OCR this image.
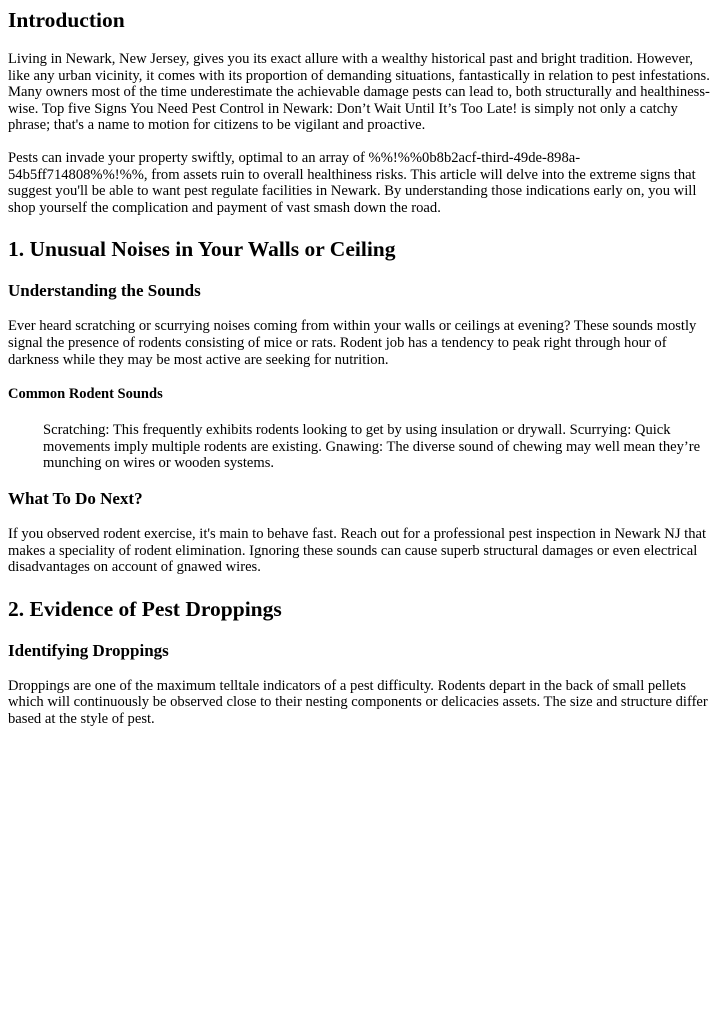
Introduction

Living in Newark, New Jersey, gives you its exact allure with a wealthy historical past and bright tradition. However, like any urban vicinity, it comes with its proportion of demanding situations, fantastically in relation to pest infestations. Many owners most of the time underestimate the achievable damage pests can lead to, both structurally and healthiness-wise. Top five Signs You Need Pest Control in Newark: Don’t Wait Until It’s Too Late! is simply not only a catchy phrase; that's a name to motion for citizens to be vigilant and proactive.

Pests can invade your property swiftly, optimal to an array of %%!%%0b8b2acf-third-49de-898a-54b5ff714808%%!%%, from assets ruin to overall healthiness risks. This article will delve into the extreme signs that suggest you'll be able to want pest regulate facilities in Newark. By understanding those indications early on, you will shop yourself the complication and payment of vast smash down the road.

1. Unusual Noises in Your Walls or Ceiling
Understanding the Sounds

Ever heard scratching or scurrying noises coming from within your walls or ceilings at evening? These sounds mostly signal the presence of rodents consisting of mice or rats. Rodent job has a tendency to peak right through hour of darkness while they may be most active are seeking for nutrition.

Common Rodent Sounds
Scratching: This frequently exhibits rodents looking to get by using insulation or drywall. Scurrying: Quick movements imply multiple rodents are existing. Gnawing: The diverse sound of chewing may well mean they’re munching on wires or wooden systems.
What To Do Next?

If you observed rodent exercise, it's main to behave fast. Reach out for a professional pest inspection in Newark NJ that makes a speciality of rodent elimination. Ignoring these sounds can cause superb structural damages or even electrical disadvantages on account of gnawed wires.

2. Evidence of Pest Droppings
Identifying Droppings

Droppings are one of the maximum telltale indicators of a pest difficulty. Rodents depart in the back of small pellets which will continuously be observed close to their nesting components or delicacies assets. The size and structure differ based at the style of pest.
